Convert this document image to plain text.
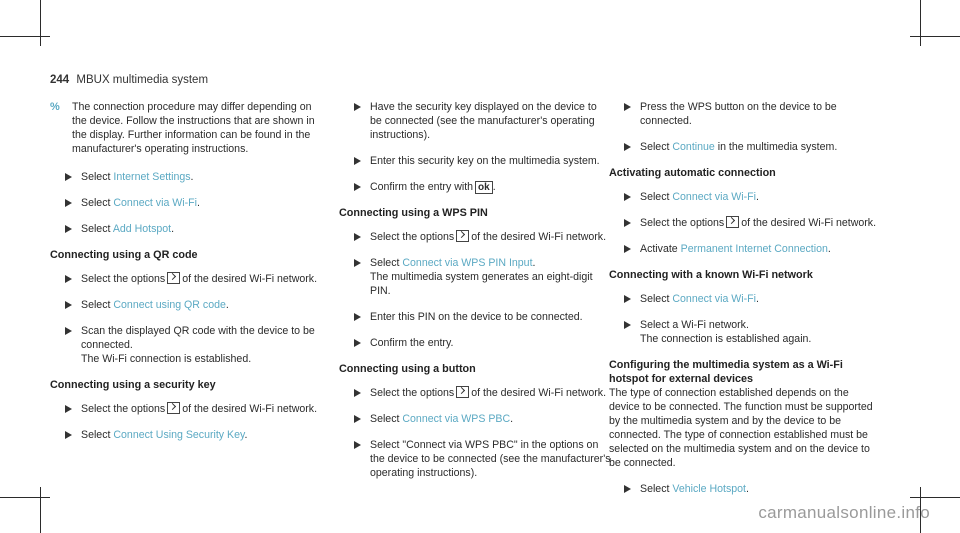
244 MBUX multimedia system
% The connection procedure may differ depending on the device. Follow the instructions that are shown in the display. Further information can be found in the manufacturer's operating instructions.
Select Internet Settings.
Select Connect via Wi-Fi.
Select Add Hotspot.
Connecting using a QR code
Select the options of the desired Wi-Fi network.
Select Connect using QR code.
Scan the displayed QR code with the device to be connected.
The Wi-Fi connection is established.
Connecting using a security key
Select the options of the desired Wi-Fi network.
Select Connect Using Security Key.
Have the security key displayed on the device to be connected (see the manufacturer's operating instructions).
Enter this security key on the multimedia system.
Confirm the entry with ok .
Connecting using a WPS PIN
Select the options of the desired Wi-Fi network.
Select Connect via WPS PIN Input.
The multimedia system generates an eight-digit PIN.
Enter this PIN on the device to be connected.
Confirm the entry.
Connecting using a button
Select the options of the desired Wi-Fi network.
Select Connect via WPS PBC.
Select "Connect via WPS PBC" in the options on the device to be connected (see the manufacturer's operating instructions).
Press the WPS button on the device to be connected.
Select Continue in the multimedia system.
Activating automatic connection
Select Connect via Wi-Fi.
Select the options of the desired Wi-Fi network.
Activate Permanent Internet Connection.
Connecting with a known Wi-Fi network
Select Connect via Wi-Fi.
Select a Wi-Fi network.
The connection is established again.
Configuring the multimedia system as a Wi-Fi hotspot for external devices
The type of connection established depends on the device to be connected. The function must be supported by the multimedia system and by the device to be connected. The type of connection established must be selected on the multimedia system and on the device to be connected.
Select Vehicle Hotspot.
carmanualsonline.info
